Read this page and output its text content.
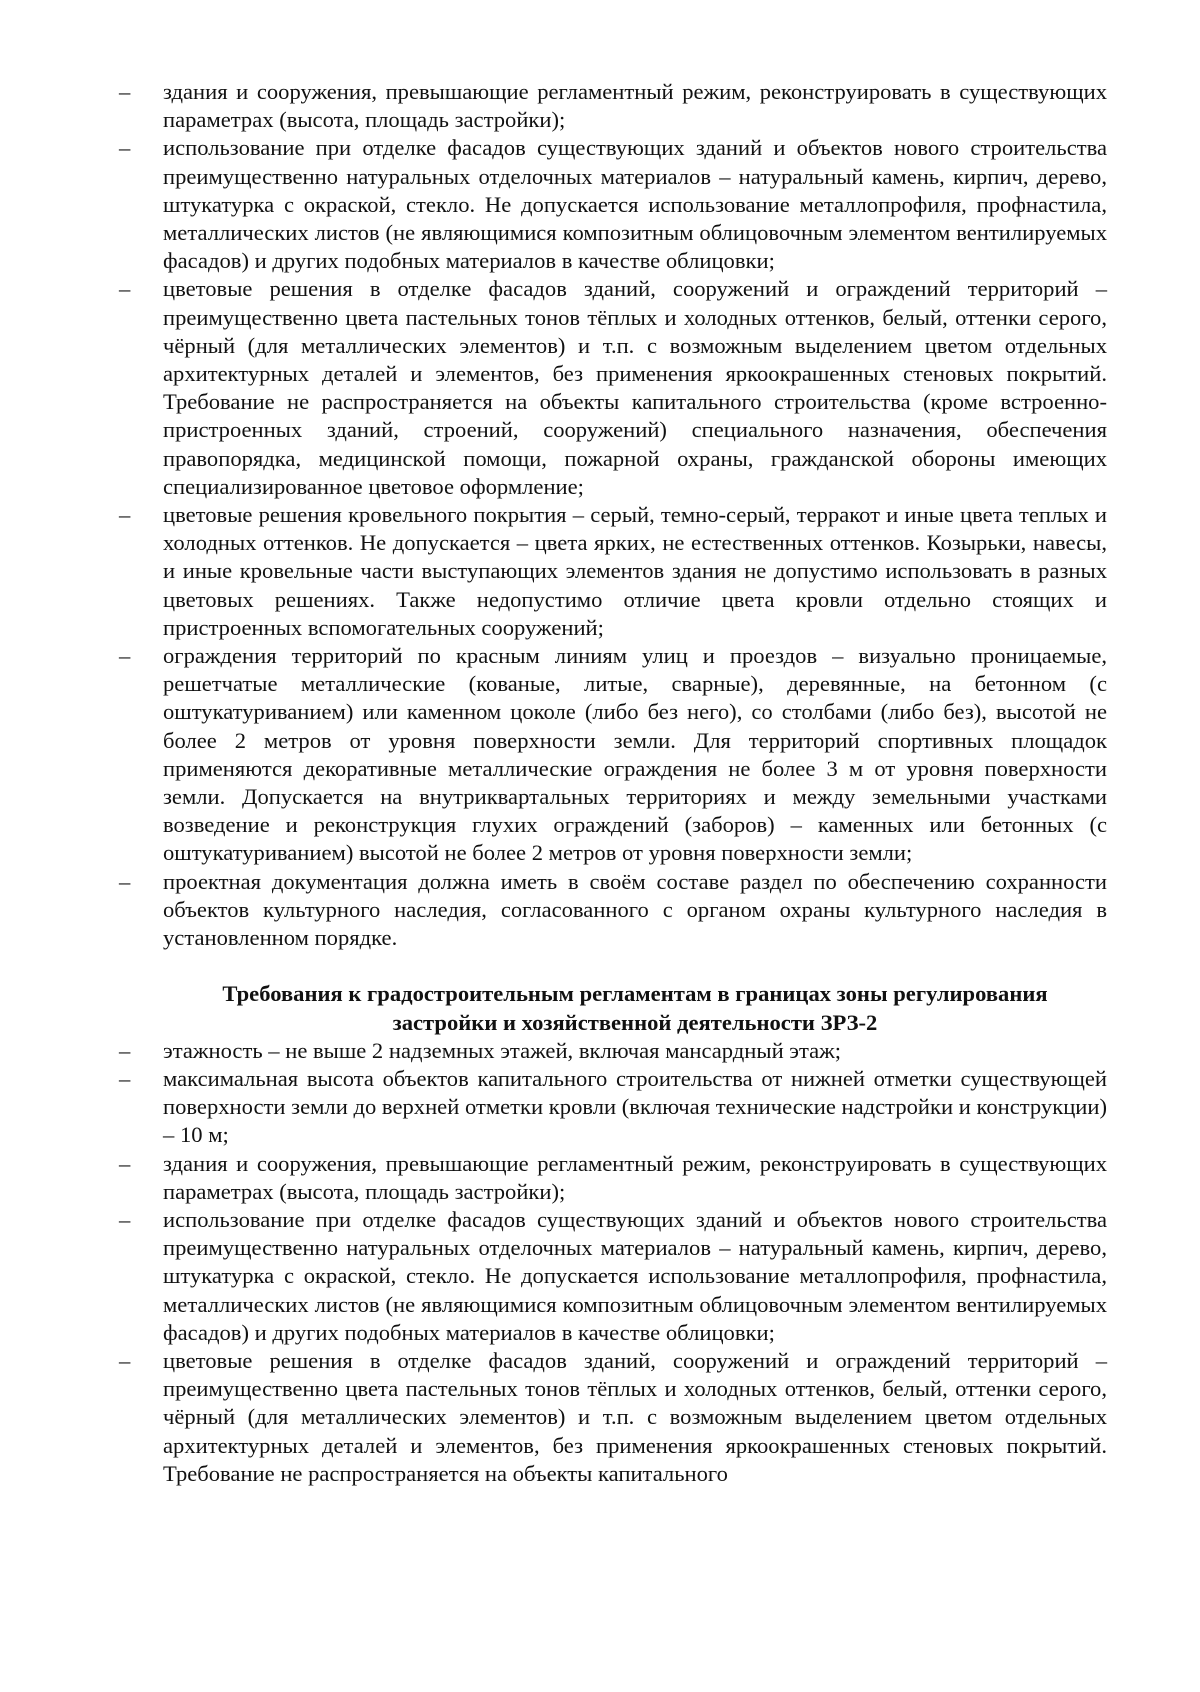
–	здания и сооружения, превышающие регламентный режим, реконструировать в существующих параметрах (высота, площадь застройки);
–	использование при отделке фасадов существующих зданий и объектов нового строительства преимущественно натуральных отделочных материалов – натуральный камень, кирпич, дерево, штукатурка с окраской, стекло. Не допускается использование металлопрофиля, профнастила, металлических листов (не являющимися композитным облицовочным элементом вентилируемых фасадов) и других подобных материалов в качестве облицовки;
–	цветовые решения в отделке фасадов зданий, сооружений и ограждений территорий – преимущественно цвета пастельных тонов тёплых и холодных оттенков, белый, оттенки серого, чёрный (для металлических элементов) и т.п. с возможным выделением цветом отдельных архитектурных деталей и элементов, без применения яркоокрашенных стеновых покрытий. Требование не распространяется на объекты капитального строительства (кроме встроенно-пристроенных зданий, строений, сооружений) специального назначения, обеспечения правопорядка, медицинской помощи, пожарной охраны, гражданской обороны имеющих специализированное цветовое оформление;
–	цветовые решения кровельного покрытия – серый, темно-серый, терракот и иные цвета теплых и холодных оттенков. Не допускается – цвета ярких, не естественных оттенков. Козырьки, навесы, и иные кровельные части выступающих элементов здания не допустимо использовать в разных цветовых решениях. Также недопустимо отличие цвета кровли отдельно стоящих и пристроенных вспомогательных сооружений;
–	ограждения территорий по красным линиям улиц и проездов – визуально проницаемые, решетчатые металлические (кованые, литые, сварные), деревянные, на бетонном (с оштукатуриванием) или каменном цоколе (либо без него), со столбами (либо без), высотой не более 2 метров от уровня поверхности земли. Для территорий спортивных площадок применяются декоративные металлические ограждения не более 3 м от уровня поверхности земли. Допускается на внутриквартальных территориях и между земельными участками возведение и реконструкция глухих ограждений (заборов) – каменных или бетонных (с оштукатуриванием) высотой не более 2 метров от уровня поверхности земли;
–	проектная документация должна иметь в своём составе раздел по обеспечению сохранности объектов культурного наследия, согласованного с органом охраны культурного наследия в установленном порядке.
Требования к градостроительным регламентам в границах зоны регулирования
застройки и хозяйственной деятельности ЗРЗ-2
–	этажность – не выше 2 надземных этажей, включая мансардный этаж;
–	максимальная высота объектов капитального строительства от нижней отметки существующей поверхности земли до верхней отметки кровли (включая технические надстройки и конструкции) – 10 м;
–	здания и сооружения, превышающие регламентный режим, реконструировать в существующих параметрах (высота, площадь застройки);
–	использование при отделке фасадов существующих зданий и объектов нового строительства преимущественно натуральных отделочных материалов – натуральный камень, кирпич, дерево, штукатурка с окраской, стекло. Не допускается использование металлопрофиля, профнастила, металлических листов (не являющимися композитным облицовочным элементом вентилируемых фасадов) и других подобных материалов в качестве облицовки;
–	цветовые решения в отделке фасадов зданий, сооружений и ограждений территорий – преимущественно цвета пастельных тонов тёплых и холодных оттенков, белый, оттенки серого, чёрный (для металлических элементов) и т.п. с возможным выделением цветом отдельных архитектурных деталей и элементов, без применения яркоокрашенных стеновых покрытий. Требование не распространяется на объекты капитального
